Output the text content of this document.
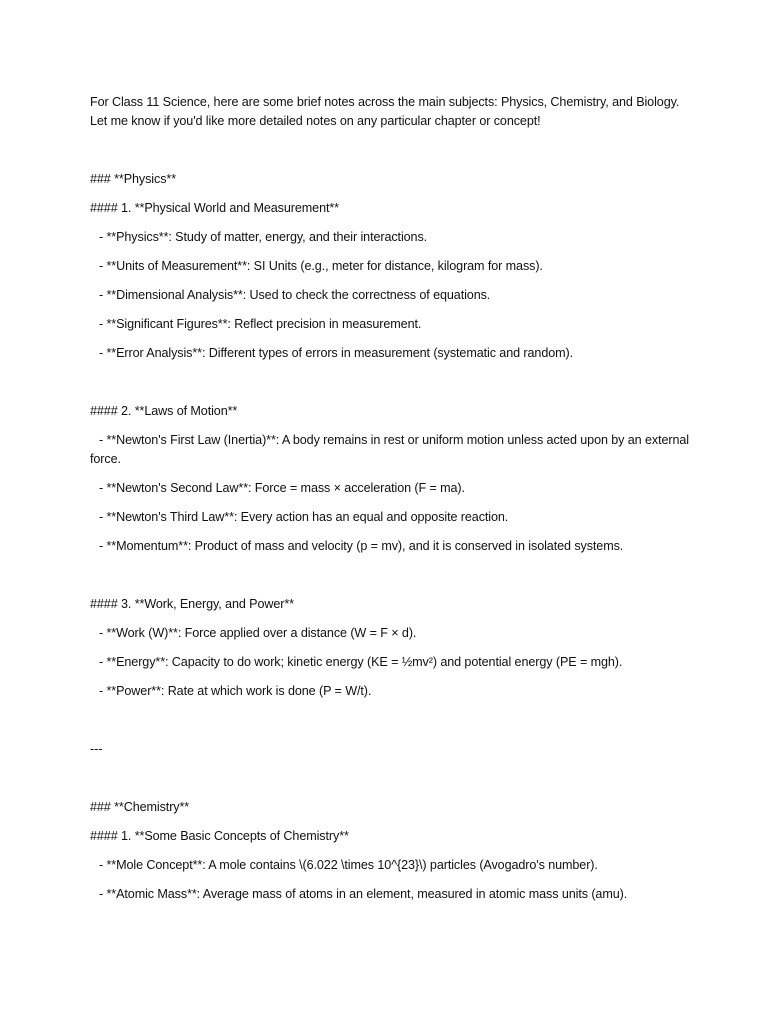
For Class 11 Science, here are some brief notes across the main subjects: Physics, Chemistry, and Biology.
Let me know if you'd like more detailed notes on any particular chapter or concept!
### **Physics**
#### 1. **Physical World and Measurement**
- **Physics**: Study of matter, energy, and their interactions.
- **Units of Measurement**: SI Units (e.g., meter for distance, kilogram for mass).
- **Dimensional Analysis**: Used to check the correctness of equations.
- **Significant Figures**: Reflect precision in measurement.
- **Error Analysis**: Different types of errors in measurement (systematic and random).
#### 2. **Laws of Motion**
- **Newton's First Law (Inertia)**: A body remains in rest or uniform motion unless acted upon by an external force.
- **Newton's Second Law**: Force = mass × acceleration (F = ma).
- **Newton's Third Law**: Every action has an equal and opposite reaction.
- **Momentum**: Product of mass and velocity (p = mv), and it is conserved in isolated systems.
#### 3. **Work, Energy, and Power**
- **Work (W)**: Force applied over a distance (W = F × d).
- **Energy**: Capacity to do work; kinetic energy (KE = ½mv²) and potential energy (PE = mgh).
- **Power**: Rate at which work is done (P = W/t).
---
### **Chemistry**
#### 1. **Some Basic Concepts of Chemistry**
- **Mole Concept**: A mole contains \(6.022 \times 10^{23}\) particles (Avogadro's number).
- **Atomic Mass**: Average mass of atoms in an element, measured in atomic mass units (amu).
